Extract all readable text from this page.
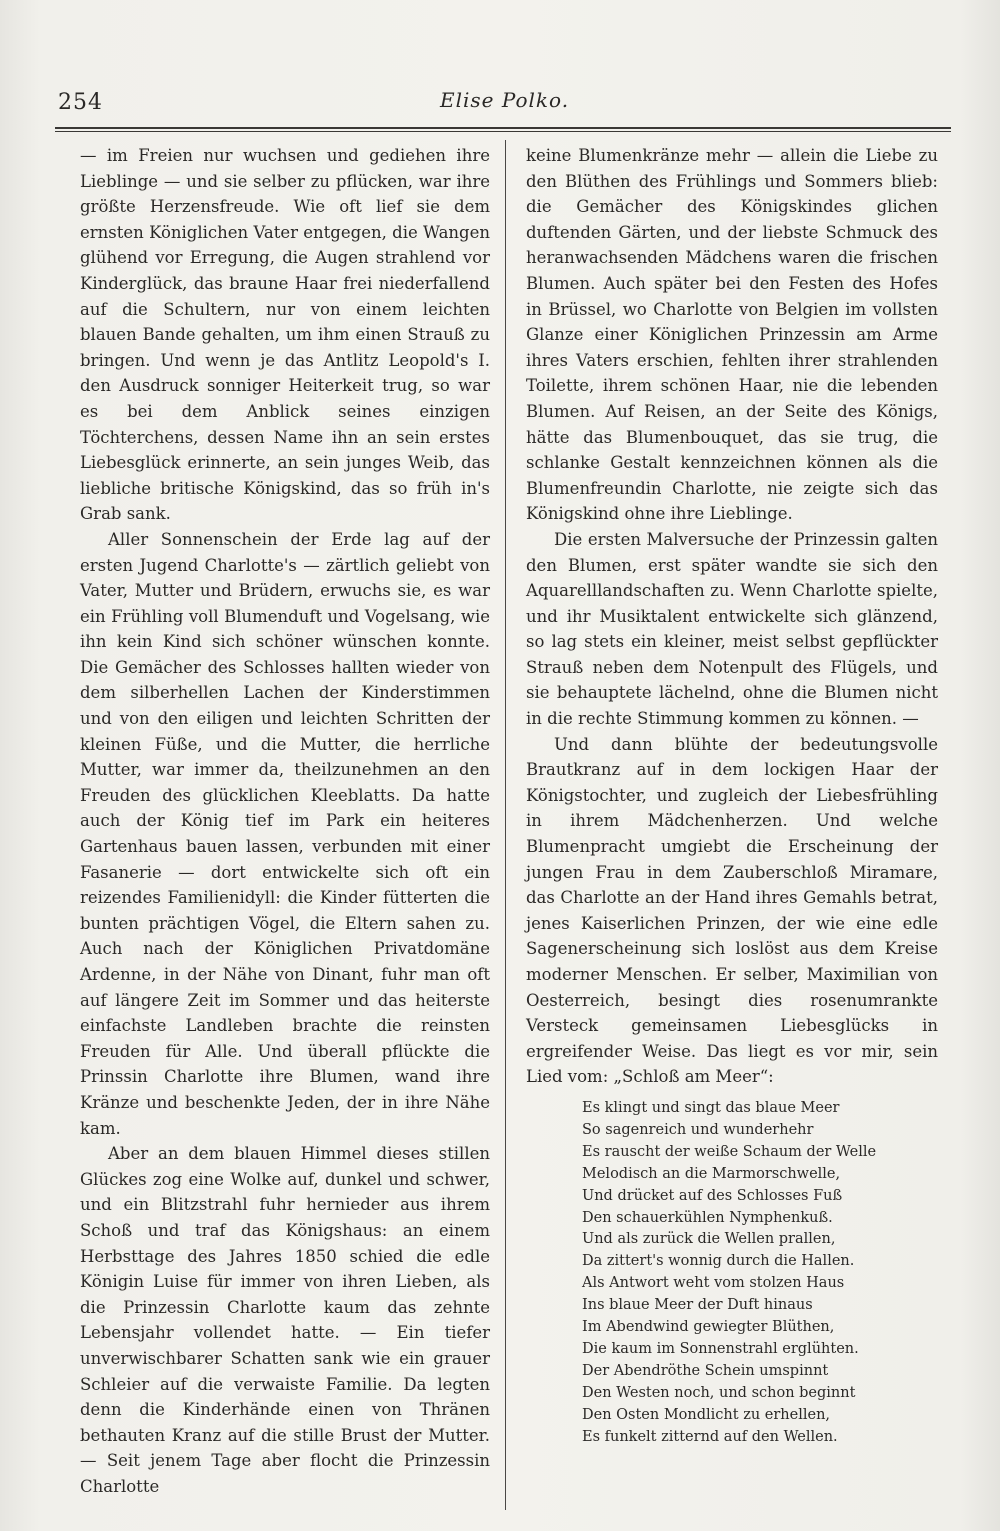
254	Elise Polko.

— im Freien nur wuchsen und gediehen ihre Lieblinge — und sie selber zu pflücken, war ihre größte Herzensfreude. Wie oft lief sie dem ernsten Königlichen Vater entgegen, die Wangen glühend vor Erregung, die Augen strahlend vor Kinderglück, das braune Haar frei niederfallend auf die Schultern, nur von einem leichten blauen Bande gehalten, um ihm einen Strauß zu bringen. Und wenn je das Antlitz Leopold's I. den Ausdruck sonniger Heiterkeit trug, so war es bei dem Anblick seines einzigen Töchterchens, dessen Name ihn an sein erstes Liebesglück erinnerte, an sein junges Weib, das liebliche britische Königskind, das so früh in's Grab sank.

Aller Sonnenschein der Erde lag auf der ersten Jugend Charlotte's — zärtlich geliebt von Vater, Mutter und Brüdern, erwuchs sie, es war ein Frühling voll Blumenduft und Vogelsang, wie ihn kein Kind sich schöner wünschen konnte. Die Gemächer des Schlosses hallten wieder von dem silberhellen Lachen der Kinderstimmen und von den eiligen und leichten Schritten der kleinen Füße, und die Mutter, die herrliche Mutter, war immer da, theilzunehmen an den Freuden des glücklichen Kleeblatts. Da hatte auch der König tief im Park ein heiteres Gartenhaus bauen lassen, verbunden mit einer Fasanerie — dort entwickelte sich oft ein reizendes Familienidyll: die Kinder fütterten die bunten prächtigen Vögel, die Eltern sahen zu. Auch nach der Königlichen Privatdomäne Ardenne, in der Nähe von Dinant, fuhr man oft auf längere Zeit im Sommer und das heiterste einfachste Landleben brachte die reinsten Freuden für Alle. Und überall pflückte die Prinssin Charlotte ihre Blumen, wand ihre Kränze und beschenkte Jeden, der in ihre Nähe kam.

Aber an dem blauen Himmel dieses stillen Glückes zog eine Wolke auf, dunkel und schwer, und ein Blitzstrahl fuhr hernieder aus ihrem Schoß und traf das Königshaus: an einem Herbsttage des Jahres 1850 schied die edle Königin Luise für immer von ihren Lieben, als die Prinzessin Charlotte kaum das zehnte Lebensjahr vollendet hatte. — Ein tiefer unverwischbarer Schatten sank wie ein grauer Schleier auf die verwaiste Familie. Da legten denn die Kinderhände einen von Thränen bethauten Kranz auf die stille Brust der Mutter. — Seit jenem Tage aber flocht die Prinzessin Charlotte

keine Blumenkränze mehr — allein die Liebe zu den Blüthen des Frühlings und Sommers blieb: die Gemächer des Königskindes glichen duftenden Gärten, und der liebste Schmuck des heranwachsenden Mädchens waren die frischen Blumen. Auch später bei den Festen des Hofes in Brüssel, wo Charlotte von Belgien im vollsten Glanze einer Königlichen Prinzessin am Arme ihres Vaters erschien, fehlten ihrer strahlenden Toilette, ihrem schönen Haar, nie die lebenden Blumen. Auf Reisen, an der Seite des Königs, hätte das Blumenbouquet, das sie trug, die schlanke Gestalt kennzeichnen können als die Blumenfreundin Charlotte, nie zeigte sich das Königskind ohne ihre Lieblinge.

Die ersten Malversuche der Prinzessin galten den Blumen, erst später wandte sie sich den Aquarelllandschaften zu. Wenn Charlotte spielte, und ihr Musiktalent entwickelte sich glänzend, so lag stets ein kleiner, meist selbst gepflückter Strauß neben dem Notenpult des Flügels, und sie behauptete lächelnd, ohne die Blumen nicht in die rechte Stimmung kommen zu können. —

Und dann blühte der bedeutungsvolle Brautkranz auf in dem lockigen Haar der Königstochter, und zugleich der Liebesfrühling in ihrem Mädchenherzen. Und welche Blumenpracht umgiebt die Erscheinung der jungen Frau in dem Zauberschloß Miramare, das Charlotte an der Hand ihres Gemahls betrat, jenes Kaiserlichen Prinzen, der wie eine edle Sagenerscheinung sich loslöst aus dem Kreise moderner Menschen. Er selber, Maximilian von Oesterreich, besingt dies rosenumrankte Versteck gemeinsamen Liebesglücks in ergreifender Weise. Das liegt es vor mir, sein Lied vom: „Schloß am Meer“:

Es klingt und singt das blaue Meer
So sagenreich und wunderhehr
Es rauscht der weiße Schaum der Welle
Melodisch an die Marmorschwelle,
Und drücket auf des Schlosses Fuß
Den schauerkühlen Nymphenkuß.
Und als zurück die Wellen prallen,
Da zittert's wonnig durch die Hallen.
Als Antwort weht vom stolzen Haus
Ins blaue Meer der Duft hinaus
Im Abendwind gewiegter Blüthen,
Die kaum im Sonnenstrahl erglühten.
Der Abendröthe Schein umspinnt
Den Westen noch, und schon beginnt
Den Osten Mondlicht zu erhellen,
Es funkelt zitternd auf den Wellen.
